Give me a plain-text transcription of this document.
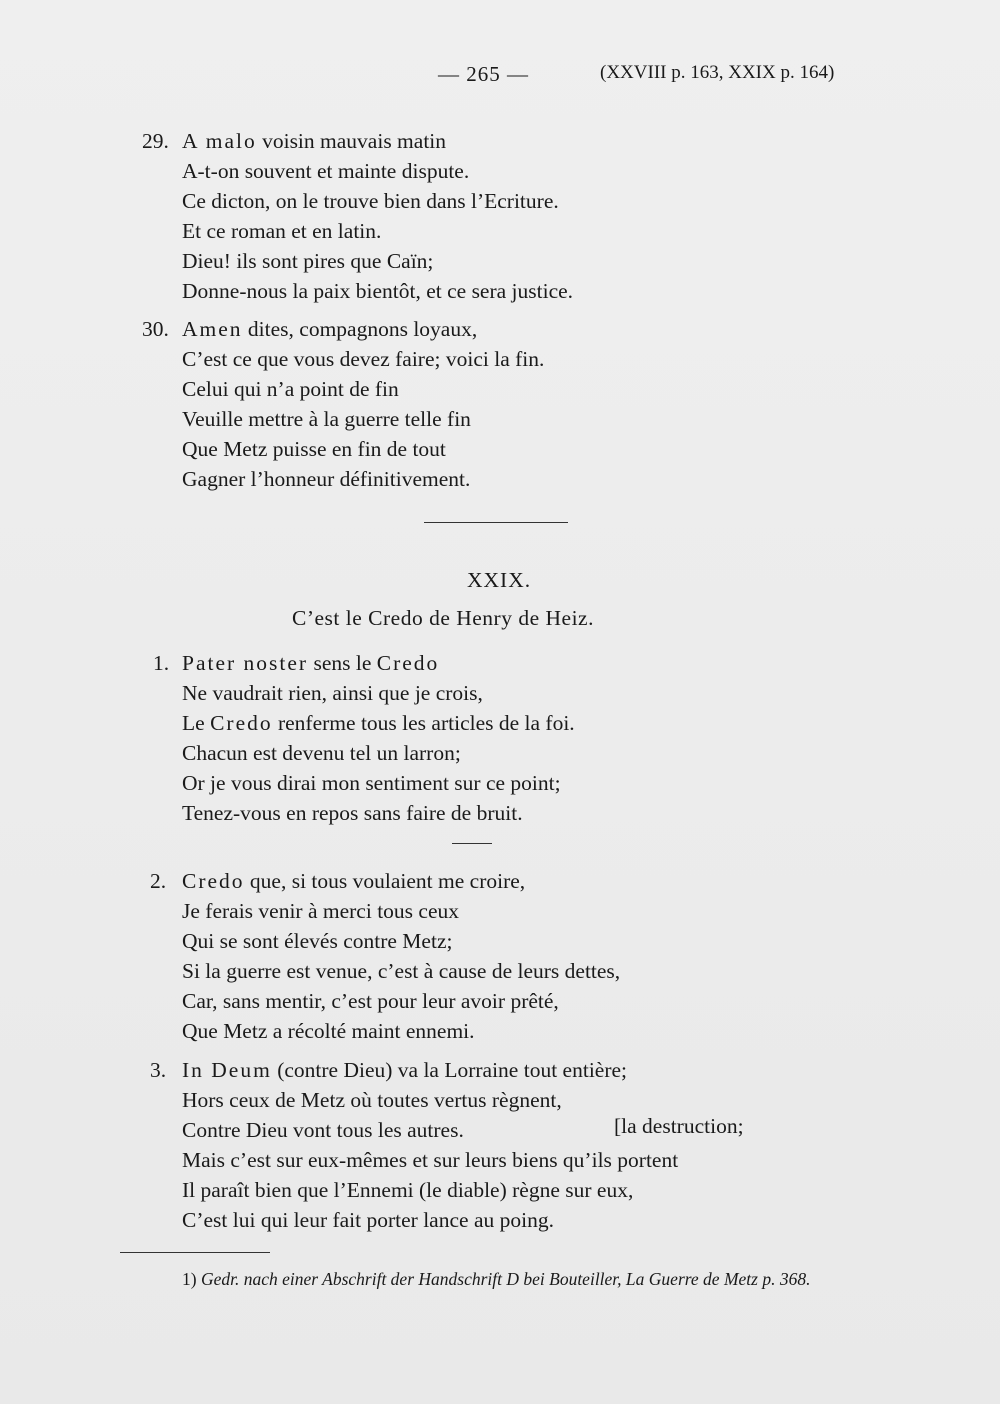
— 265 —	(XXVIII p. 163, XXIX p. 164)
29. A malo voisin mauvais matin
A-t-on souvent et mainte dispute.
Ce dicton, on le trouve bien dans l’Ecriture.
Et ce roman et en latin.
Dieu! ils sont pires que Caïn;
Donne-nous la paix bientôt, et ce sera justice.
30. Amen dites, compagnons loyaux,
C’est ce que vous devez faire; voici la fin.
Celui qui n’a point de fin
Veuille mettre à la guerre telle fin
Que Metz puisse en fin de tout
Gagner l’honneur définitivement.
XXIX.
C’est le Credo de Henry de Heiz.
1. Pater noster sens le Credo
Ne vaudrait rien, ainsi que je crois,
Le Credo renferme tous les articles de la foi.
Chacun est devenu tel un larron;
Or je vous dirai mon sentiment sur ce point;
Tenez-vous en repos sans faire de bruit.
2. Credo que, si tous voulaient me croire,
Je ferais venir à merci tous ceux
Qui se sont élevés contre Metz;
Si la guerre est venue, c’est à cause de leurs dettes,
Car, sans mentir, c’est pour leur avoir prêté,
Que Metz a récolté maint ennemi.
3. In Deum (contre Dieu) va la Lorraine tout entière;
Hors ceux de Metz où toutes vertus règnent,
Contre Dieu vont tous les autres.	[la destruction;
Mais c’est sur eux-mêmes et sur leurs biens qu’ils portent
Il paraît bien que l’Ennemi (le diable) règne sur eux,
C’est lui qui leur fait porter lance au poing.
1) Gedr. nach einer Abschrift der Handschrift D bei Bouteiller, La Guerre de Metz p. 368.
